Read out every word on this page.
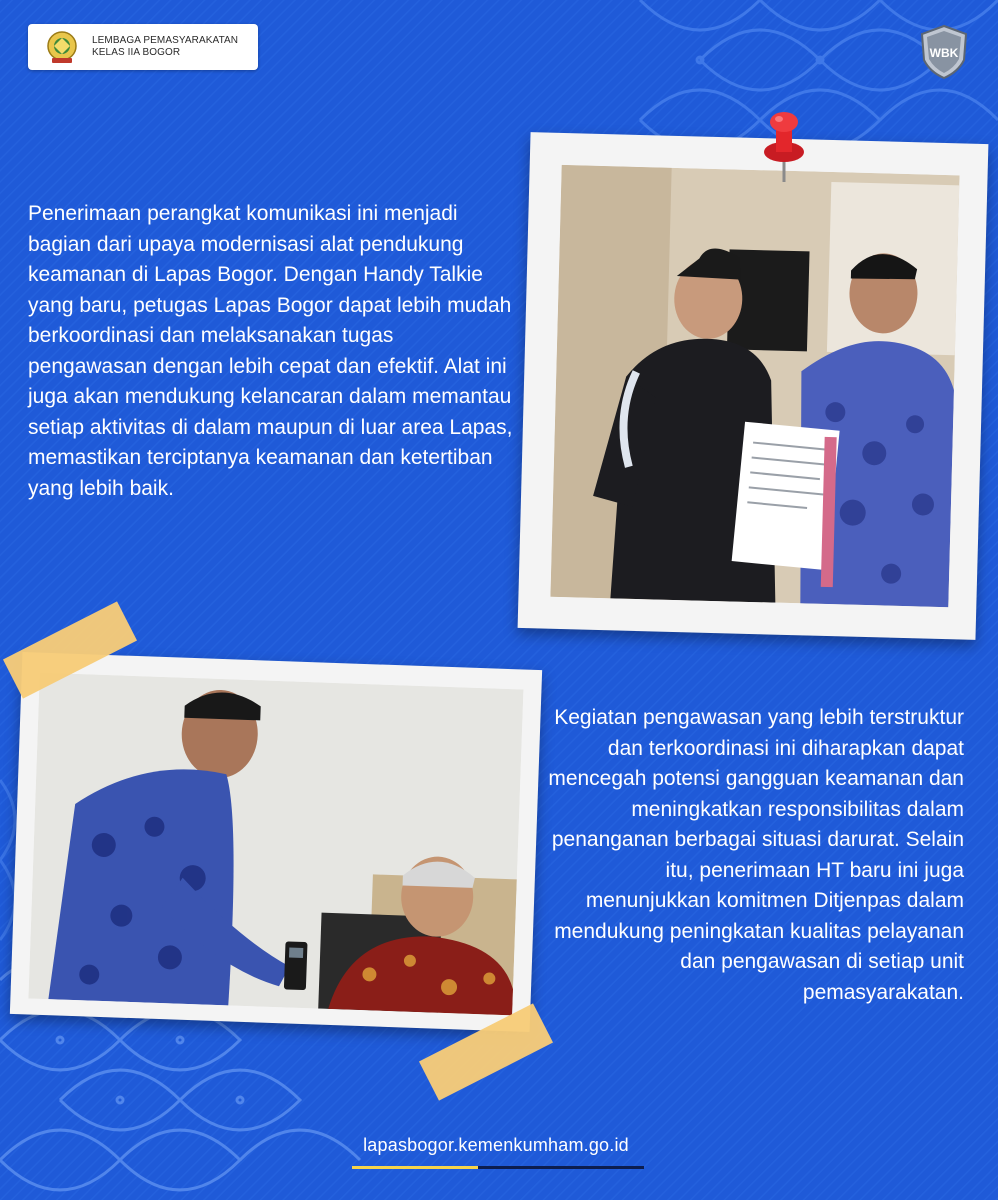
LEMBAGA PEMASYARAKATAN
KELAS IIA BOGOR	WBK
Penerimaan perangkat komunikasi ini menjadi bagian dari upaya modernisasi alat pendukung keamanan di Lapas Bogor. Dengan Handy Talkie yang baru, petugas Lapas Bogor dapat lebih mudah berkoordinasi dan melaksanakan tugas pengawasan dengan lebih cepat dan efektif. Alat ini juga akan mendukung kelancaran dalam memantau setiap aktivitas di dalam maupun di luar area Lapas, memastikan terciptanya keamanan dan ketertiban yang lebih baik.
Kegiatan pengawasan yang lebih terstruktur dan terkoordinasi ini diharapkan dapat mencegah potensi gangguan keamanan dan meningkatkan responsibilitas dalam penanganan berbagai situasi darurat. Selain itu, penerimaan HT baru ini juga menunjukkan komitmen Ditjenpas dalam mendukung peningkatan kualitas pelayanan dan pengawasan di setiap unit pemasyarakatan.
lapasbogor.kemenkumham.go.id
